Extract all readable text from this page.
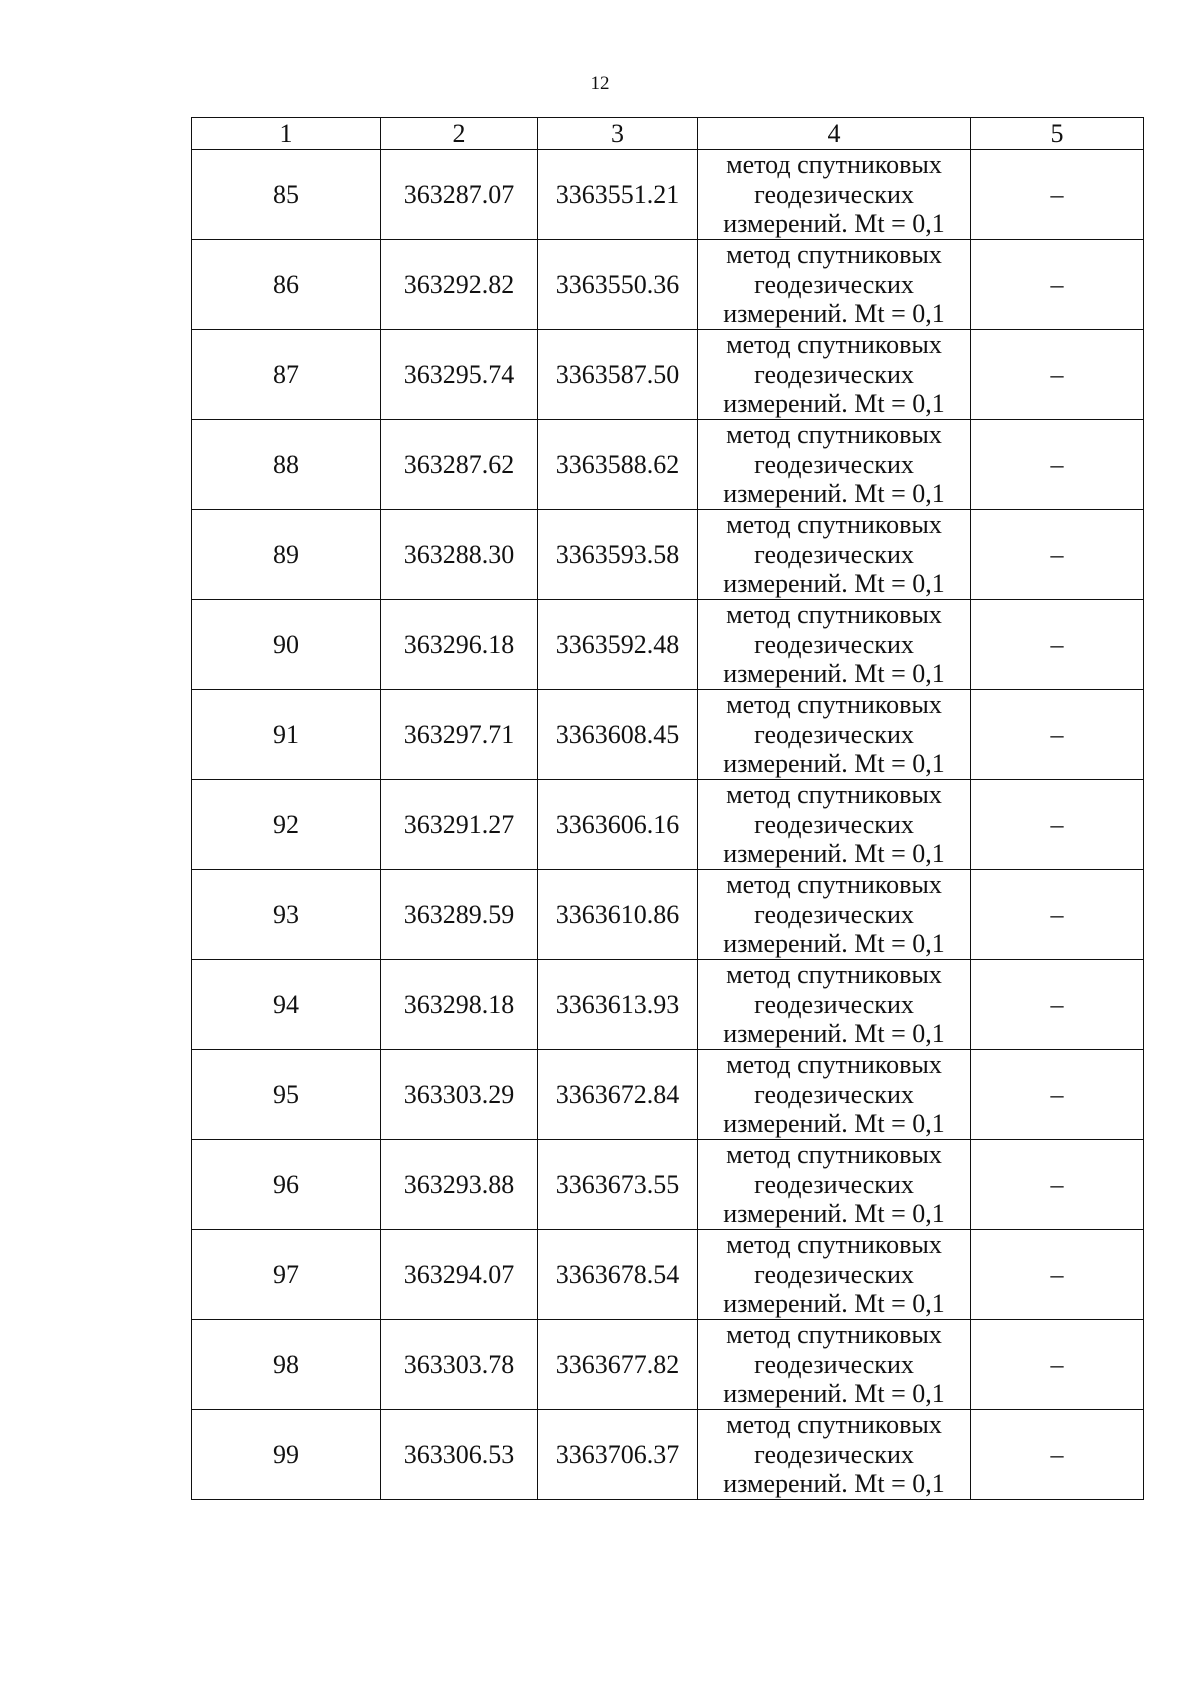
12
1	2	3	4	5
85	363287.07	3363551.21	метод спутниковых
геодезических
измерений. Mt = 0,1	–
86	363292.82	3363550.36	метод спутниковых
геодезических
измерений. Mt = 0,1	–
87	363295.74	3363587.50	метод спутниковых
геодезических
измерений. Mt = 0,1	–
88	363287.62	3363588.62	метод спутниковых
геодезических
измерений. Mt = 0,1	–
89	363288.30	3363593.58	метод спутниковых
геодезических
измерений. Mt = 0,1	–
90	363296.18	3363592.48	метод спутниковых
геодезических
измерений. Mt = 0,1	–
91	363297.71	3363608.45	метод спутниковых
геодезических
измерений. Mt = 0,1	–
92	363291.27	3363606.16	метод спутниковых
геодезических
измерений. Mt = 0,1	–
93	363289.59	3363610.86	метод спутниковых
геодезических
измерений. Mt = 0,1	–
94	363298.18	3363613.93	метод спутниковых
геодезических
измерений. Mt = 0,1	–
95	363303.29	3363672.84	метод спутниковых
геодезических
измерений. Mt = 0,1	–
96	363293.88	3363673.55	метод спутниковых
геодезических
измерений. Mt = 0,1	–
97	363294.07	3363678.54	метод спутниковых
геодезических
измерений. Mt = 0,1	–
98	363303.78	3363677.82	метод спутниковых
геодезических
измерений. Mt = 0,1	–
99	363306.53	3363706.37	метод спутниковых
геодезических
измерений. Mt = 0,1	–
